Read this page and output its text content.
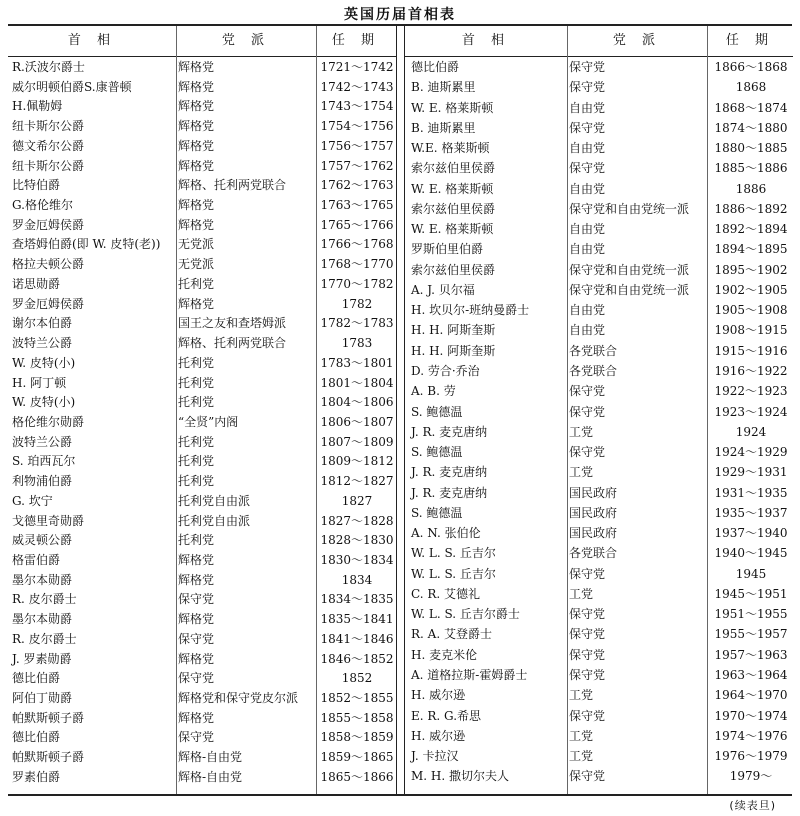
英国历届首相表
首 相	党 派	任 期
R.沃波尔爵士	辉格党	1721～1742
威尔明顿伯爵S.康普顿	辉格党	1742～1743
H.佩勒姆	辉格党	1743～1754
纽卡斯尔公爵	辉格党	1754～1756
德文希尔公爵	辉格党	1756～1757
纽卡斯尔公爵	辉格党	1757～1762
比特伯爵	辉格、托利两党联合	1762～1763
G.格伦维尔	辉格党	1763～1765
罗金厄姆侯爵	辉格党	1765～1766
查塔姆伯爵(即 W. 皮特(老))	无党派	1766～1768
格拉夫顿公爵	无党派	1768～1770
诺思勋爵	托利党	1770～1782
罗金厄姆侯爵	辉格党	1782
谢尔本伯爵	国王之友和查塔姆派	1782～1783
波特兰公爵	辉格、托利两党联合	1783
W. 皮特(小)	托利党	1783～1801
H. 阿丁顿	托利党	1801～1804
W. 皮特(小)	托利党	1804～1806
格伦维尔勋爵	“全贤”内阁	1806～1807
波特兰公爵	托利党	1807～1809
S. 珀西瓦尔	托利党	1809～1812
利物浦伯爵	托利党	1812～1827
G. 坎宁	托利党自由派	1827
戈德里奇勋爵	托利党自由派	1827～1828
威灵顿公爵	托利党	1828～1830
格雷伯爵	辉格党	1830～1834
墨尔本勋爵	辉格党	1834
R. 皮尔爵士	保守党	1834～1835
墨尔本勋爵	辉格党	1835～1841
R. 皮尔爵士	保守党	1841～1846
J. 罗素勋爵	辉格党	1846～1852
德比伯爵	保守党	1852
阿伯丁勋爵	辉格党和保守党皮尔派	1852～1855
帕默斯顿子爵	辉格党	1855～1858
德比伯爵	保守党	1858～1859
帕默斯顿子爵	辉格-自由党	1859～1865
罗素伯爵	辉格-自由党	1865～1866
首 相	党 派	任 期
德比伯爵	保守党	1866～1868
B. 迪斯累里	保守党	1868
W. E. 格莱斯顿	自由党	1868～1874
B. 迪斯累里	保守党	1874～1880
W.E. 格莱斯顿	自由党	1880～1885
索尔兹伯里侯爵	保守党	1885～1886
W. E. 格莱斯顿	自由党	1886
索尔兹伯里侯爵	保守党和自由党统一派	1886～1892
W. E. 格莱斯顿	自由党	1892～1894
罗斯伯里伯爵	自由党	1894～1895
索尔兹伯里侯爵	保守党和自由党统一派	1895～1902
A. J. 贝尔福	保守党和自由党统一派	1902～1905
H. 坎贝尔-班纳曼爵士	自由党	1905～1908
H. H. 阿斯奎斯	自由党	1908～1915
H. H. 阿斯奎斯	各党联合	1915～1916
D. 劳合·乔治	各党联合	1916～1922
A. B. 劳	保守党	1922～1923
S. 鲍德温	保守党	1923～1924
J. R. 麦克唐纳	工党	1924
S. 鲍德温	保守党	1924～1929
J. R. 麦克唐纳	工党	1929～1931
J. R. 麦克唐纳	国民政府	1931～1935
S. 鲍德温	国民政府	1935～1937
A. N. 张伯伦	国民政府	1937～1940
W. L. S. 丘吉尔	各党联合	1940～1945
W. L. S. 丘吉尔	保守党	1945
C. R. 艾德礼	工党	1945～1951
W. L. S. 丘吉尔爵士	保守党	1951～1955
R. A. 艾登爵士	保守党	1955～1957
H. 麦克米伦	保守党	1957～1963
A. 道格拉斯-霍姆爵士	保守党	1963～1964
H. 威尔逊	工党	1964～1970
E. R. G.希思	保守党	1970～1974
H. 威尔逊	工党	1974～1976
J. 卡拉汉	工党	1976～1979
M. H. 撒切尔夫人	保守党	1979～
(续表旦)
